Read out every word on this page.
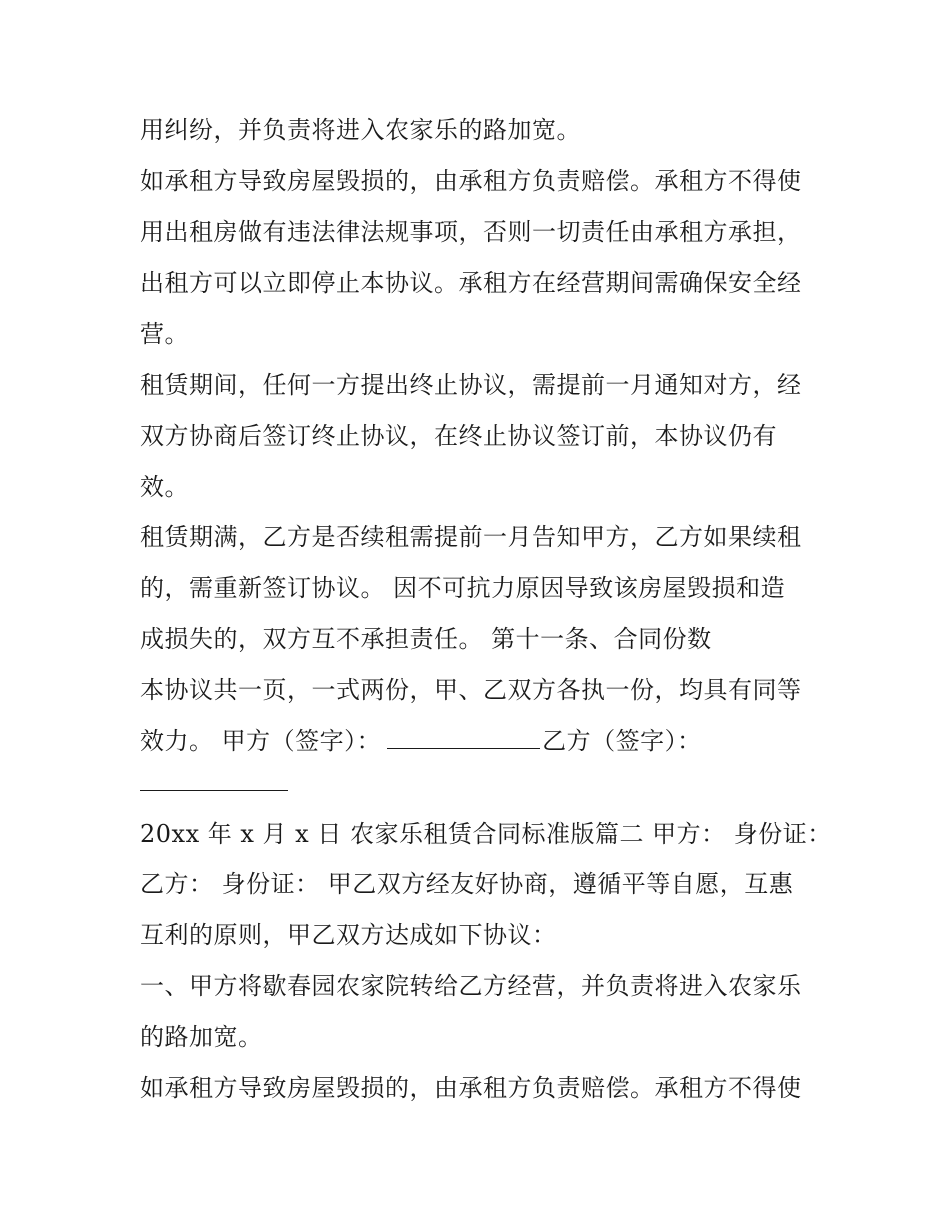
用纠纷，并负责将进入农家乐的路加宽。
如承租方导致房屋毁损的，由承租方负责赔偿。承租方不得使
用出租房做有违法律法规事项，否则一切责任由承租方承担，
出租方可以立即停止本协议。承租方在经营期间需确保安全经
营。
租赁期间，任何一方提出终止协议，需提前一月通知对方，经
双方协商后签订终止协议，在终止协议签订前，本协议仍有
效。
租赁期满，乙方是否续租需提前一月告知甲方，乙方如果续租
的，需重新签订协议。 因不可抗力原因导致该房屋毁损和造
成损失的，双方互不承担责任。 第十一条、合同份数
本协议共一页，一式两份，甲、乙双方各执一份，均具有同等
效力。 甲方（签字）：	乙方（签字）：
20xx 年 x 月 x 日 农家乐租赁合同标准版篇二 甲方： 身份证：
乙方： 身份证： 甲乙双方经友好协商，遵循平等自愿，互惠
互利的原则，甲乙双方达成如下协议：
一、甲方将歇春园农家院转给乙方经营，并负责将进入农家乐
的路加宽。
如承租方导致房屋毁损的，由承租方负责赔偿。承租方不得使
